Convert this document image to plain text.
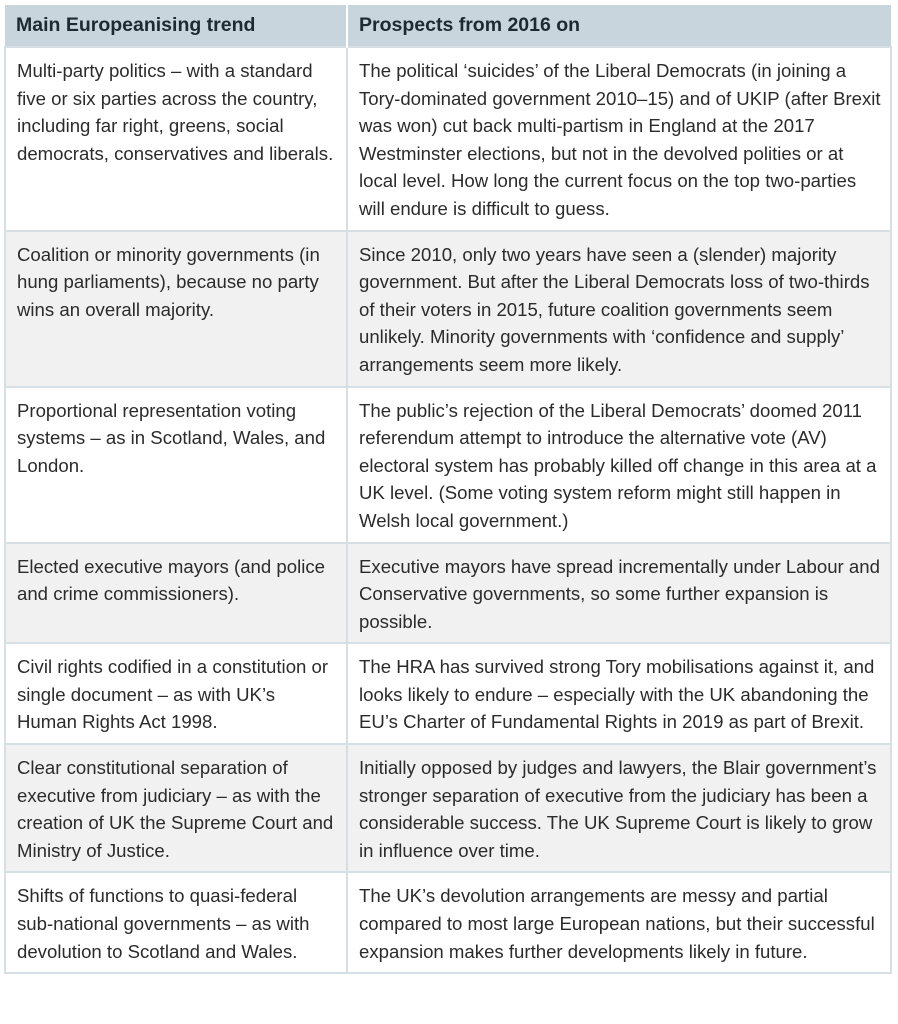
Main Europeanising trend	Prospects from 2016 on
Multi-party politics – with a standard five or six parties across the country, including far right, greens, social democrats, conservatives and liberals.	The political ‘suicides’ of the Liberal Democrats (in joining a Tory-dominated government 2010–15) and of UKIP (after Brexit was won) cut back multi-partism in England at the 2017 Westminster elections, but not in the devolved polities or at local level. How long the current focus on the top two-parties will endure is difficult to guess.
Coalition or minority governments (in hung parliaments), because no party wins an overall majority.	Since 2010, only two years have seen a (slender) majority government. But after the Liberal Democrats loss of two-thirds of their voters in 2015, future coalition governments seem unlikely. Minority governments with ‘confidence and supply’ arrangements seem more likely.
Proportional representation voting systems – as in Scotland, Wales, and London.	The public’s rejection of the Liberal Democrats’ doomed 2011 referendum attempt to introduce the alternative vote (AV) electoral system has probably killed off change in this area at a UK level. (Some voting system reform might still happen in Welsh local government.)
Elected executive mayors (and police and crime commissioners).	Executive mayors have spread incrementally under Labour and Conservative governments, so some further expansion is possible.
Civil rights codified in a constitution or single document – as with UK’s Human Rights Act 1998.	The HRA has survived strong Tory mobilisations against it, and looks likely to endure – especially with the UK abandoning the EU’s Charter of Fundamental Rights in 2019 as part of Brexit.
Clear constitutional separation of executive from judiciary – as with the creation of UK the Supreme Court and Ministry of Justice.	Initially opposed by judges and lawyers, the Blair government’s stronger separation of executive from the judiciary has been a considerable success. The UK Supreme Court is likely to grow in influence over time.
Shifts of functions to quasi-federal sub-national governments – as with devolution to Scotland and Wales.	The UK’s devolution arrangements are messy and partial compared to most large European nations, but their successful expansion makes further developments likely in future.
